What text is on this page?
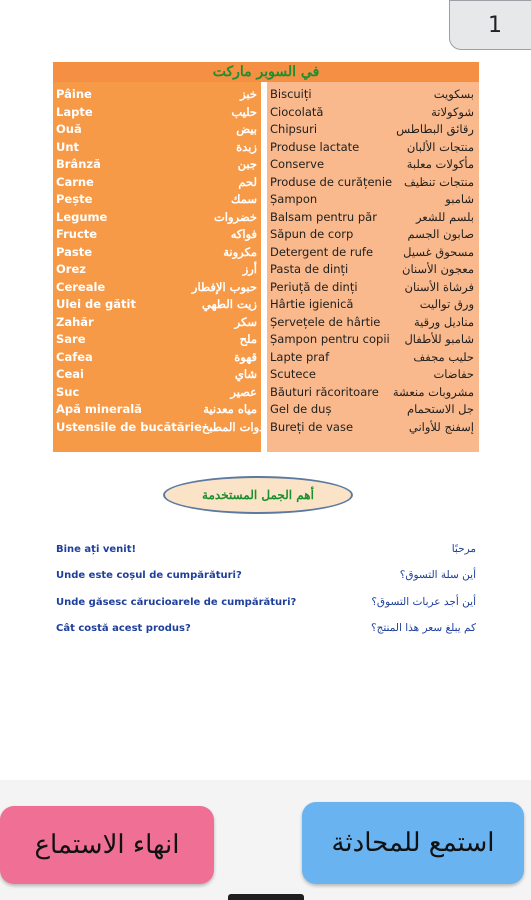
1
في السوبر ماركت
Pâine	خبز
Lapte	حليب
Ouă	بيض
Unt	زبدة
Brânză	جبن
Carne	لحم
Pește	سمك
Legume	خضروات
Fructe	فواكه
Paste	مكرونة
Orez	أرز
Cereale	حبوب الإفطار
Ulei de gătit	زيت الطهي
Zahăr	سكر
Sare	ملح
Cafea	قهوة
Ceai	شاي
Suc	عصير
Apă minerală	مياه معدنية
Ustensile de bucătărie أدوات المطبخ
Biscuiți	بسكويت
Ciocolată	شوكولاتة
Chipsuri	رقائق البطاطس
Produse lactate	منتجات الألبان
Conserve	مأكولات معلبة
Produse de curățenie منتجات تنظيف
Șampon	شامبو
Balsam pentru păr	بلسم للشعر
Săpun de corp	صابون الجسم
Detergent de rufe	مسحوق غسيل
Pasta de dinți	معجون الأسنان
Periuță de dinți	فرشاة الأسنان
Hârtie igienică	ورق تواليت
Șervețele de hârtie	مناديل ورقية
Șampon pentru copii شامبو للأطفال
Lapte praf	حليب مجفف
Scutece	حفاضات
Băuturi răcoritoare مشروبات منعشة
Gel de duș	جل الاستحمام
Bureți de vase	إسفنج للأواني
أهم الجمل المستخدمة
Bine ați venit!	مرحبًا
Unde este coșul de cumpărături?	أين سلة التسوق؟
Unde găsesc cărucioarele de cumpărături?	أين أجد عربات التسوق؟
Cât costă acest produs?	كم يبلغ سعر هذا المنتج؟
انهاء الاستماع	استمع للمحادثة
